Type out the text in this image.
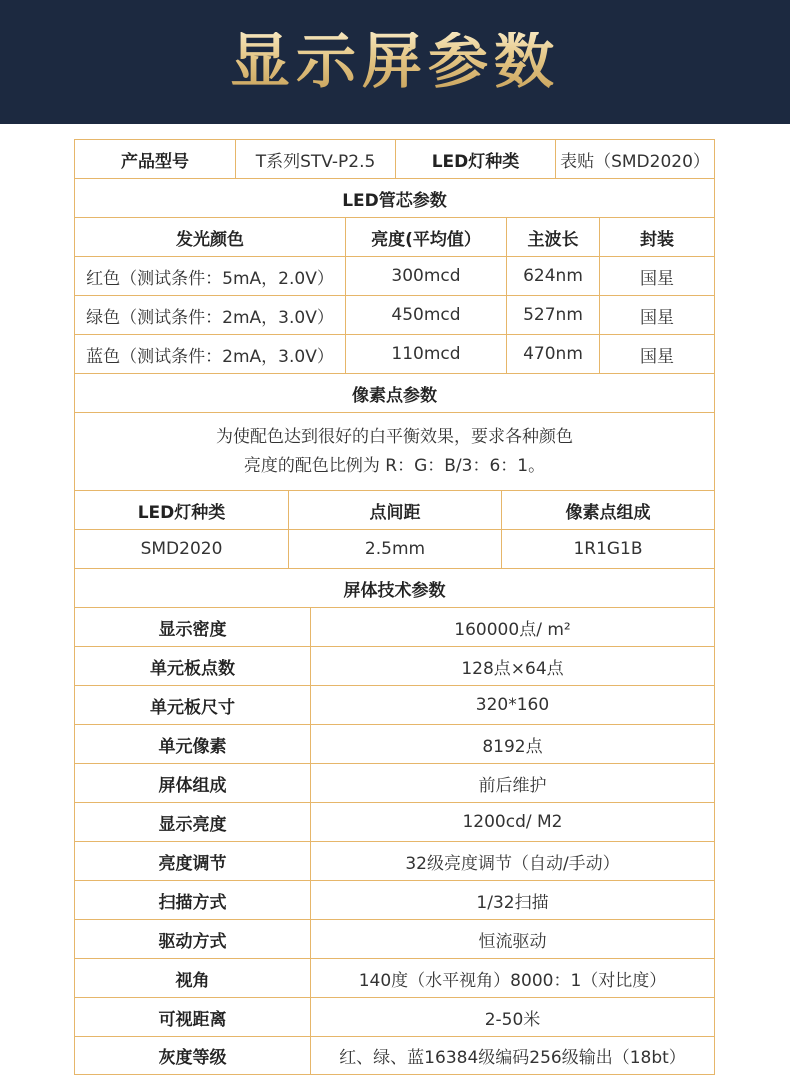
显示屏参数
产品型号	T系列STV-P2.5	LED灯种类	表贴（SMD2020）
LED管芯参数
发光颜色	亮度(平均值）	主波长	封装
红色（测试条件：5mA，2.0V）	300mcd	624nm	国星
绿色（测试条件：2mA，3.0V）	450mcd	527nm	国星
蓝色（测试条件：2mA，3.0V）	110mcd	470nm	国星
像素点参数
为使配色达到很好的白平衡效果，要求各种颜色
亮度的配色比例为 R：G：B/3：6：1。
LED灯种类	点间距	像素点组成
SMD2020	2.5mm	1R1G1B
屏体技术参数
显示密度	160000点/ m²
单元板点数	128点×64点
单元板尺寸	320*160
单元像素	8192点
屏体组成	前后维护
显示亮度	1200cd/ M2
亮度调节	32级亮度调节（自动/手动）
扫描方式	1/32扫描
驱动方式	恒流驱动
视角	140度（水平视角）8000：1（对比度）
可视距离	2-50米
灰度等级	红、绿、蓝16384级编码256级输出（18bt）
